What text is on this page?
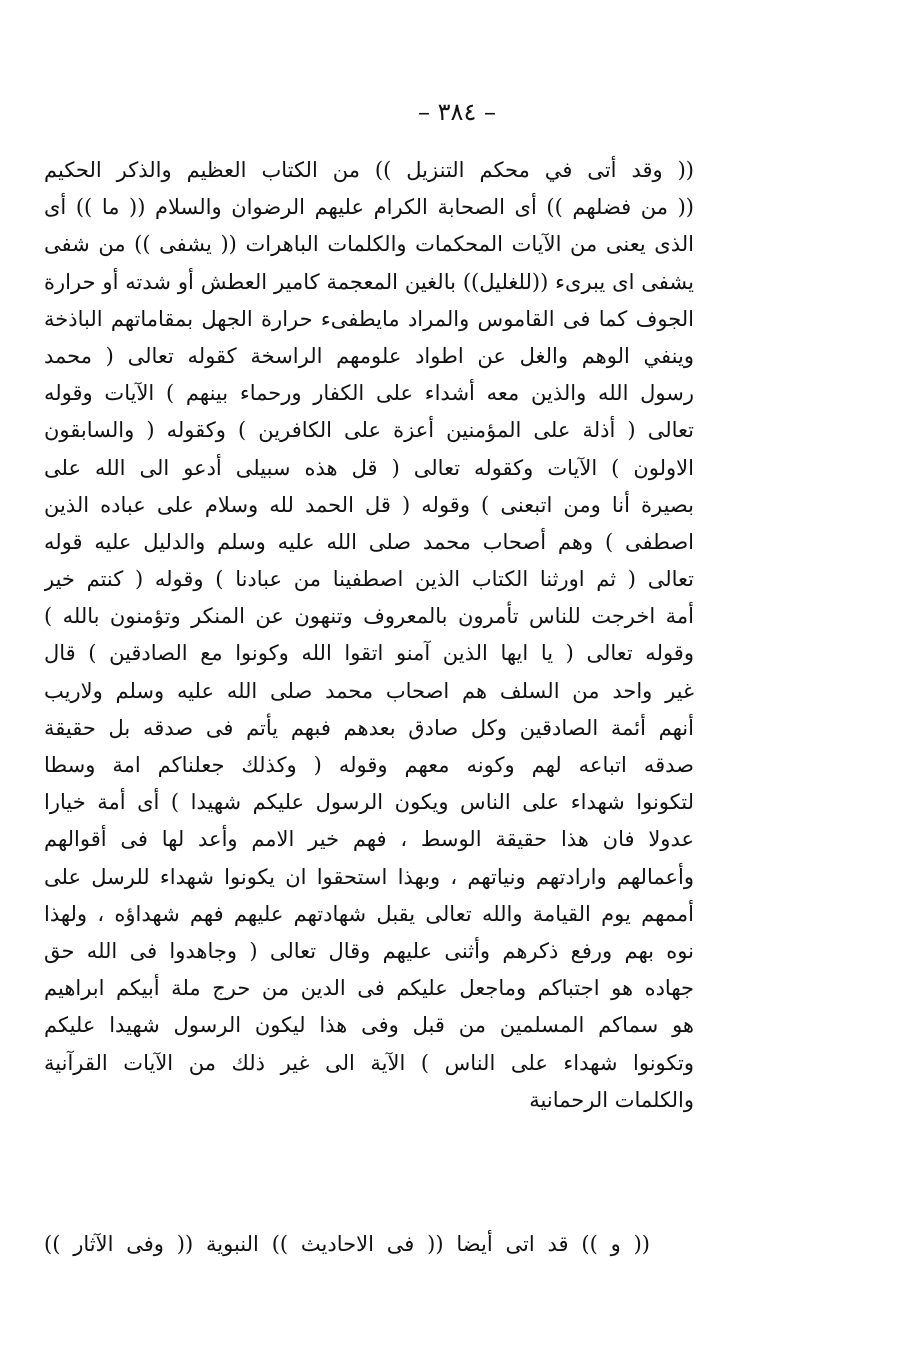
– ٣٨٤ –
(( وقد أتى في محكم التنزيل )) من الكتاب العظيم والذكر الحكيم
(( من فضلهم )) أى الصحابة الكرام عليهم الرضوان والسلام (( ما )) أى
الذى يعنى من الآيات المحكمات والكلمات الباهرات (( يشفى )) من شفى
يشفى اى يبرىء ((للغليل)) بالغين المعجمة كامير العطش أو شدته أو حرارة
الجوف كما فى القاموس والمراد مايطفىء حرارة الجهل بمقاماتهم الباذخة
وينفي الوهم والغل عن اطواد علومهم الراسخة كقوله تعالى ( محمد
رسول الله والذين معه أشداء على الكفار ورحماء بينهم ) الآيات وقوله
تعالى ( أذلة على المؤمنين أعزة على الكافرين ) وكقوله ( والسابقون
الاولون ) الآيات وكقوله تعالى ( قل هذه سبيلى أدعو الى الله على
بصيرة أنا ومن اتبعنى ) وقوله ( قل الحمد لله وسلام على عباده الذين
اصطفى ) وهم أصحاب محمد صلى الله عليه وسلم والدليل عليه قوله
تعالى ( ثم اورثنا الكتاب الذين اصطفينا من عبادنا ) وقوله ( كنتم خير
أمة اخرجت للناس تأمرون بالمعروف وتنهون عن المنكر وتؤمنون بالله )
وقوله تعالى ( يا ايها الذين آمنو اتقوا الله وكونوا مع الصادقين ) قال
غير واحد من السلف هم اصحاب محمد صلى الله عليه وسلم ولاريب
أنهم أئمة الصادقين وكل صادق بعدهم فبهم يأتم فى صدقه بل حقيقة
صدقه اتباعه لهم وكونه معهم وقوله ( وكذلك جعلناكم امة وسطا
لتكونوا شهداء على الناس ويكون الرسول عليكم شهيدا ) أى أمة خيارا
عدولا فان هذا حقيقة الوسط ، فهم خير الامم وأعد لها فى أقوالهم
وأعمالهم وارادتهم ونياتهم ، وبهذا استحقوا ان يكونوا شهداء للرسل على
أممهم يوم القيامة والله تعالى يقبل شهادتهم عليهم فهم شهداؤه ، ولهذا
نوه بهم ورفع ذكرهم وأثنى عليهم وقال تعالى ( وجاهدوا فى الله حق
جهاده هو اجتباكم وماجعل عليكم فى الدين من حرج ملة أبيكم ابراهيم
هو سماكم المسلمين من قبل وفى هذا ليكون الرسول شهيدا عليكم
وتكونوا شهداء على الناس ) الآية الى غير ذلك من الآيات القرآنية
والكلمات الرحمانية
(( و )) قد اتى أيضا (( فى الاحاديث )) النبوية (( وفى الآثار ))
